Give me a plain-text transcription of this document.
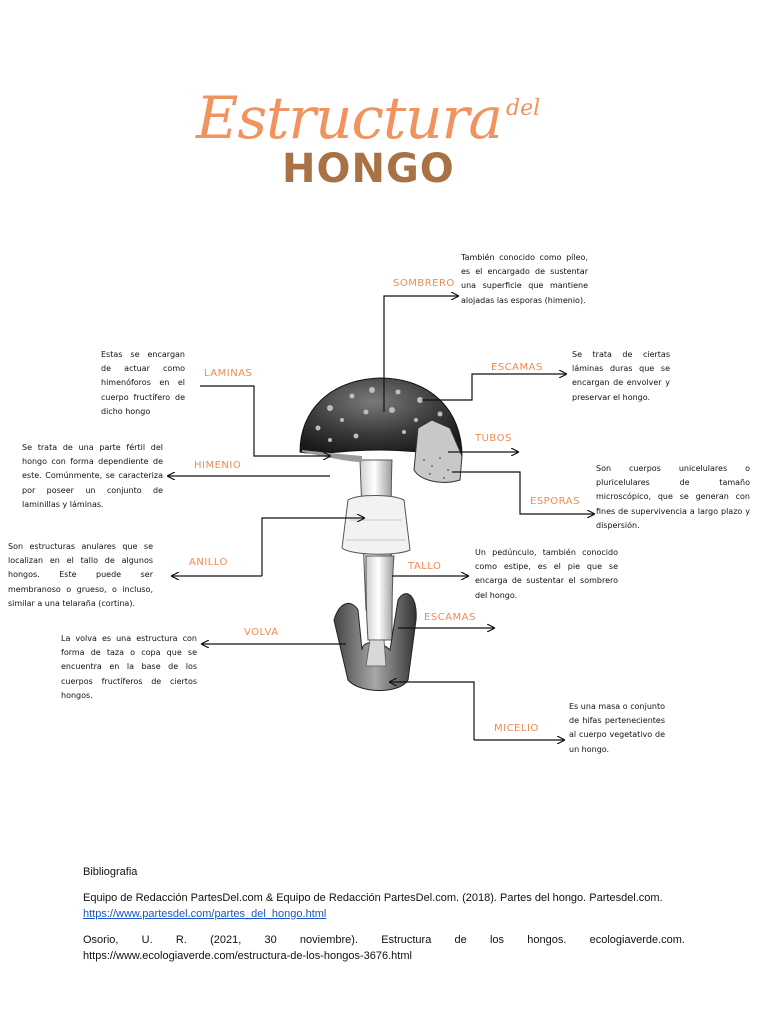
Estructura del
HONGO
SOMBRERO
LAMINAS
ESCAMAS
TUBOS
HIMENIO
ESPORAS
ANILLO	TALLO
VOLVA
ESCAMAS
MICELIO
También conocido como píleo, es el encargado de sustentar una superficie que mantiene alojadas las esporas (himenio).
Estas se encargan de actuar como himenóforos en el cuerpo fructífero de dicho hongo
Se trata de ciertas láminas duras que se encargan de envolver y preservar el hongo.
Se trata de una parte fértil del hongo con forma dependiente de este. Comúnmente, se caracteriza por poseer un conjunto de laminillas y láminas.
Son cuerpos unicelulares o pluricelulares de tamaño microscópico, que se generan con fines de supervivencia a largo plazo y dispersión.
Son estructuras anulares que se localizan en el tallo de algunos hongos. Este puede ser membranoso o grueso, o incluso, similar a una telaraña (cortina).
Un pedúnculo, también conocido como estipe, es el pie que se encarga de sustentar el sombrero del hongo.
La volva es una estructura con forma de taza o copa que se encuentra en la base de los cuerpos fructíferos de ciertos hongos.
Es una masa o conjunto de hifas pertenecientes al cuerpo vegetativo de un hongo.
Bibliografia
Equipo de Redacción PartesDel.com & Equipo de Redacción PartesDel.com. (2018). Partes del hongo. Partesdel.com.
https://www.partesdel.com/partes_del_hongo.html
Osorio, U. R. (2021, 30 noviembre). Estructura de los hongos. ecologiaverde.com. https://www.ecologiaverde.com/estructura-de-los-hongos-3676.html
